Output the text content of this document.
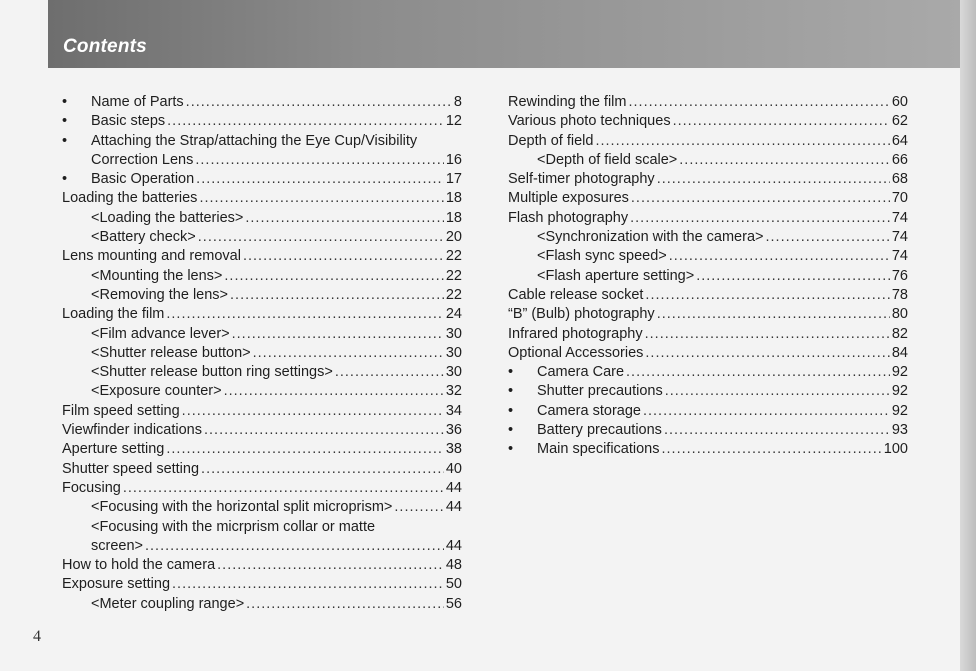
Contents
•	Name of Parts .....	8
•	Basic steps .....	12
•	Attaching the Strap/attaching the Eye Cup/Visibility
Correction Lens .....	16
•	Basic Operation .....	17
Loading the batteries .....	18
<Loading the batteries> .....	18
<Battery check> .....	20
Lens mounting and removal .....	22
<Mounting the lens> .....	22
<Removing the lens> .....	22
Loading the film .....	24
<Film advance lever> .....	30
<Shutter release button> .....	30
<Shutter release button ring settings> .....	30
<Exposure counter> .....	32
Film speed setting .....	34
Viewfinder indications .....	36
Aperture setting .....	38
Shutter speed setting .....	40
Focusing .....	44
<Focusing with the horizontal split microprism> .....	44
<Focusing with the micrprism collar or matte
screen> .....	44
How to hold the camera .....	48
Exposure setting .....	50
<Meter coupling range> .....	56
Rewinding the film .....	60
Various photo techniques .....	62
Depth of field .....	64
<Depth of field scale> .....	66
Self-timer photography .....	68
Multiple exposures .....	70
Flash photography .....	74
<Synchronization with the camera> .....	74
<Flash sync speed> .....	74
<Flash aperture setting> .....	76
Cable release socket .....	78
“B” (Bulb) photography .....	80
Infrared photography .....	82
Optional Accessories .....	84
•	Camera Care .....	92
•	Shutter precautions .....	92
•	Camera storage .....	92
•	Battery precautions .....	93
•	Main specifications .....	100
4
